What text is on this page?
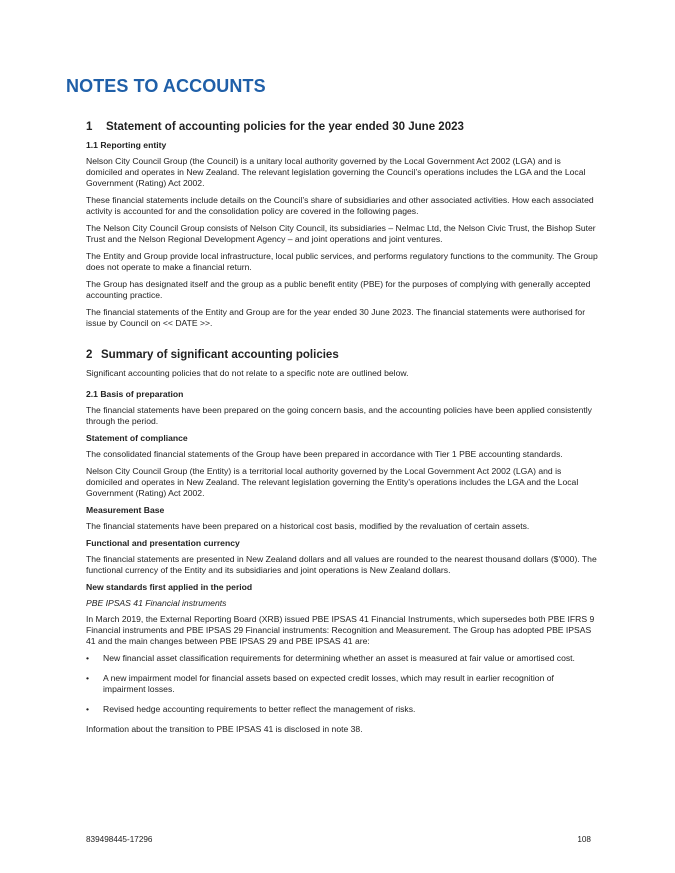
NOTES TO ACCOUNTS
1	Statement of accounting policies for the year ended 30 June 2023
1.1 Reporting entity

Nelson City Council Group (the Council) is a unitary local authority governed by the Local Government Act 2002 (LGA) and is domiciled and operates in New Zealand. The relevant legislation governing the Council’s operations includes the LGA and the Local Government (Rating) Act 2002.

These financial statements include details on the Council’s share of subsidiaries and other associated activities. How each associated activity is accounted for and the consolidation policy are covered in the following pages.

The Nelson City Council Group consists of Nelson City Council, its subsidiaries – Nelmac Ltd, the Nelson Civic Trust, the Bishop Suter Trust and the Nelson Regional Development Agency – and joint operations and joint ventures.

The Entity and Group provide local infrastructure, local public services, and performs regulatory functions to the community. The Group does not operate to make a financial return.

The Group has designated itself and the group as a public benefit entity (PBE) for the purposes of complying with generally accepted accounting practice.

The financial statements of the Entity and Group are for the year ended 30 June 2023. The financial statements were authorised for issue by Council on << DATE >>.

2 Summary of significant accounting policies

Significant accounting policies that do not relate to a specific note are outlined below.

2.1 Basis of preparation

The financial statements have been prepared on the going concern basis, and the accounting policies have been applied consistently through the period.

Statement of compliance

The consolidated financial statements of the Group have been prepared in accordance with Tier 1 PBE accounting standards.

Nelson City Council Group (the Entity) is a territorial local authority governed by the Local Government Act 2002 (LGA) and is domiciled and operates in New Zealand. The relevant legislation governing the Entity’s operations includes the LGA and the Local Government (Rating) Act 2002.

Measurement Base

The financial statements have been prepared on a historical cost basis, modified by the revaluation of certain assets.

Functional and presentation currency

The financial statements are presented in New Zealand dollars and all values are rounded to the nearest thousand dollars ($'000). The functional currency of the Entity and its subsidiaries and joint operations is New Zealand dollars.

New standards first applied in the period

PBE IPSAS 41 Financial instruments

In March 2019, the External Reporting Board (XRB) issued PBE IPSAS 41 Financial Instruments, which supersedes both PBE IFRS 9 Financial instruments and PBE IPSAS 29 Financial instruments: Recognition and Measurement. The Group has adopted PBE IPSAS 41 and the main changes between PBE IPSAS 29 and PBE IPSAS 41 are:

•	New financial asset classification requirements for determining whether an asset is measured at fair value or amortised cost.
•	A new impairment model for financial assets based on expected credit losses, which may result in earlier recognition of impairment losses.
•	Revised hedge accounting requirements to better reflect the management of risks.

Information about the transition to PBE IPSAS 41 is disclosed in note 38.

839498445-17296	108
